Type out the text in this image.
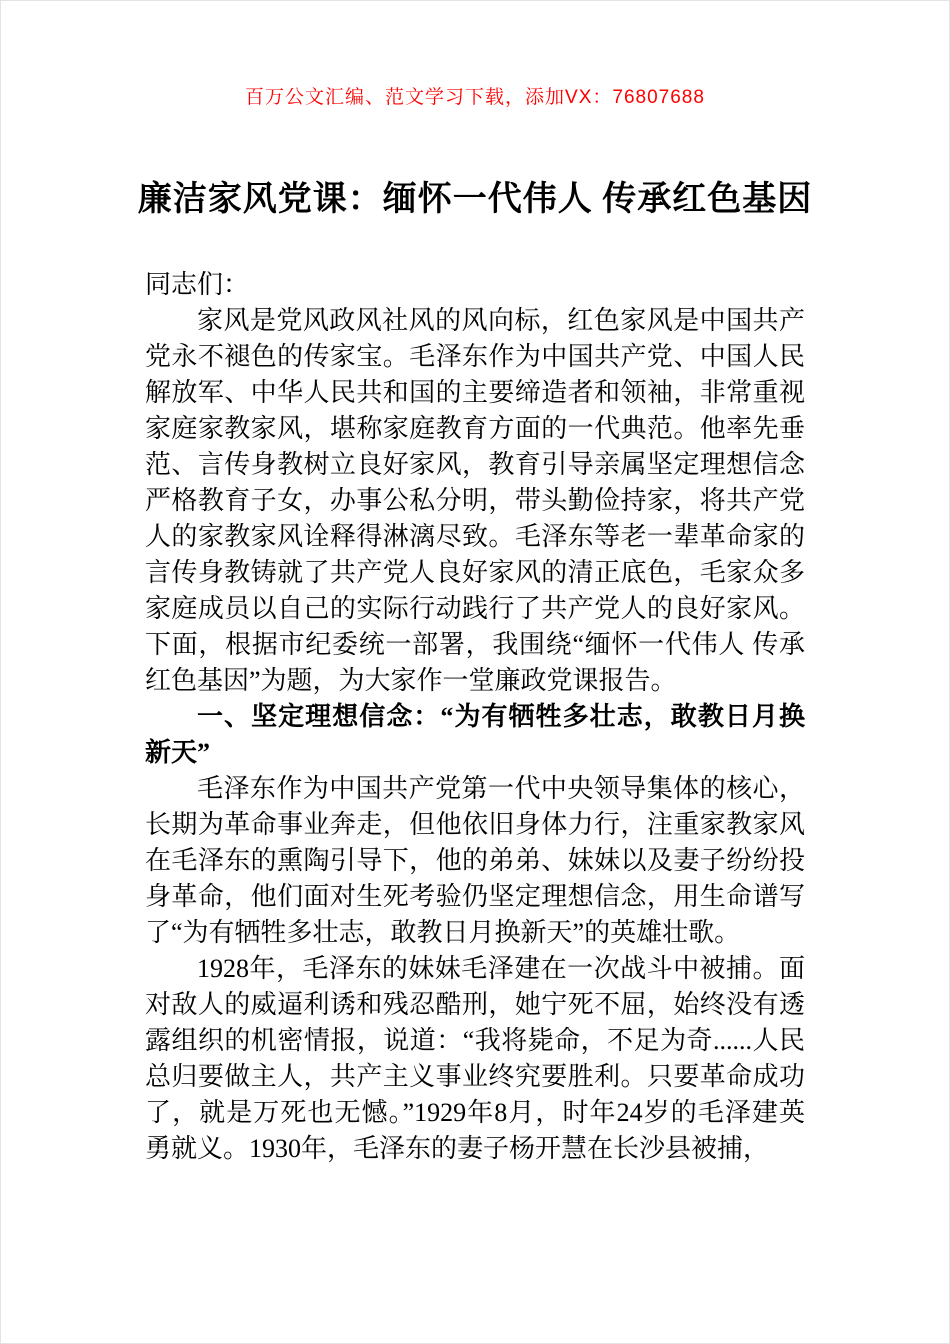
百万公文汇编、范文学习下载，添加VX：76807688
廉洁家风党课：缅怀一代伟人 传承红色基因

同志们：

家风是党风政风社风的风向标，红色家风是中国共产党永不褪色的传家宝。毛泽东作为中国共产党、中国人民解放军、中华人民共和国的主要缔造者和领袖，非常重视家庭家教家风，堪称家庭教育方面的一代典范。他率先垂范、言传身教树立良好家风，教育引导亲属坚定理想信念严格教育子女，办事公私分明，带头勤俭持家，将共产党人的家教家风诠释得淋漓尽致。毛泽东等老一辈革命家的言传身教铸就了共产党人良好家风的清正底色，毛家众多家庭成员以自己的实际行动践行了共产党人的良好家风。下面，根据市纪委统一部署，我围绕“缅怀一代伟人 传承红色基因”为题，为大家作一堂廉政党课报告。

一、坚定理想信念：“为有牺牲多壮志，敢教日月换新天”

毛泽东作为中国共产党第一代中央领导集体的核心，长期为革命事业奔走，但他依旧身体力行，注重家教家风在毛泽东的熏陶引导下，他的弟弟、妹妹以及妻子纷纷投身革命，他们面对生死考验仍坚定理想信念，用生命谱写了“为有牺牲多壮志，敢教日月换新天”的英雄壮歌。

1928年，毛泽东的妹妹毛泽建在一次战斗中被捕。面对敌人的威逼利诱和残忍酷刑，她宁死不屈，始终没有透露组织的机密情报，说道：“我将毙命，不足为奇......人民总归要做主人，共产主义事业终究要胜利。只要革命成功了，就是万死也无憾。”1929年8月，时年24岁的毛泽建英勇就义。1930年，毛泽东的妻子杨开慧在长沙县被捕，
